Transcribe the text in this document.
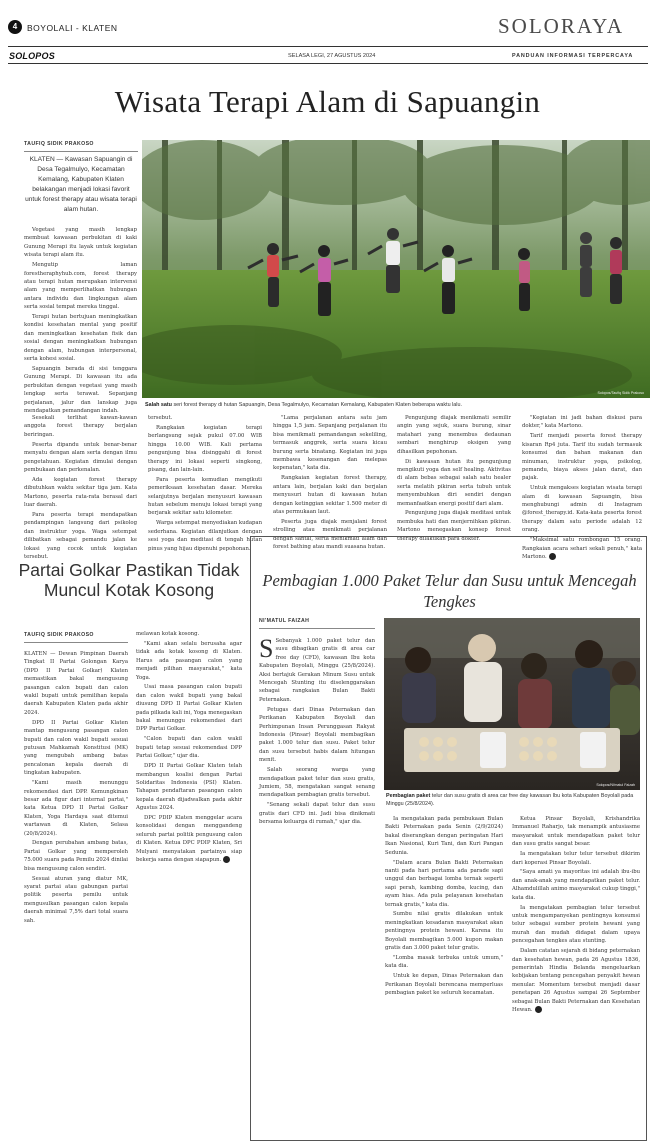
4	BOYOLALI - KLATEN	SOLORAYA
SOLOPOS	SELASA LEGI, 27 AGUSTUS 2024	PANDUAN INFORMASI TERPERCAYA
Wisata Terapi Alam di Sapuangin
TAUFIQ SIDIK PRAKOSO
KLATEN — Kawasan Sapuangin di Desa Tegalmulyo, Kecamatan Kemalang, Kabupaten Klaten belakangan menjadi lokasi favorit untuk forest therapy atau wisata terapi alam hutan.
Solopos/Taufiq Sidik Prakoso
Salah satu seri forest therapy di hutan Sapuangin, Desa Tegalmulyo, Kecamatan Kemalang, Kabupaten Klaten beberapa waktu lalu.

Vegetasi yang masih lengkap membuat kawasan perbukitan di kaki Gunung Merapi itu layak untuk kegiatan wisata terapi alam itu.

Mengutip laman forestheraphyhub.com, forest therapy atau terapi hutan merupakan intervensi alam yang memperlihatkan hubungan antara individu dan lingkungan alam serta sosial tempat mereka tinggal.

Terapi hutan bertujuan meningkatkan kondisi kesehatan mental yang positif dan meningkatkan kesehatan fisik dan sosial dengan meningkatkan hubungan dengan alam, hubungan interpersonal, serta kohesi sosial.

Sapuangin berada di sisi tenggara Gunung Merapi. Di kawasan itu ada perbukitan dengan vegetasi yang masih lengkap serta terawat. Sepanjang perjalanan, jalur dan lanskap juga mendapatkan pemandangan indah.

Sesekali terlihat kawan-kawan anggota forest therapy berjalan beriringan.

Peserta dipandu untuk benar-benar menyatu dengan alam serta dengan ilmu pengetahuan. Kegiatan dimulai dengan pembukaan dan perkenalan.

Ada kegiatan forest therapy dibutuhkan waktu sekitar tiga jam. Kata Martono, peserta rata-rata berasal dari luar daerah.

Para peserta terapi mendapatkan pendampingan langsung dari psikolog dan instruktur yoga. Waga setempat dilibatkan sebagai pemandu jalan ke lokasi yang cocok untuk kegiatan tersebut.

tersebut.

Rangkaian kegiatan terapi berlangsung sejak pukul 07.00 WIB hingga 10.00 WIB. Kali pertama pengunjung bisa disinggahi di forest therapy ini lokasi seperti singkong, pisang, dan lain-lain.

Para peserta kemudian mengikuti pemeriksaan kesehatan dasar. Mereka selanjutnya berjalan menyusuri kawasan hutan sebelum menuju lokasi terapi yang berjarak sekitar satu kilometer.

Warga setempat menyediakan kudapan sederhana. Kegiatan dilanjutkan dengan sesi yoga dan meditasi di tengah hutan pinus yang hijau dipenuhi pepohonan.

"Lama perjalanan antara satu jam hingga 1,5 jam. Sepanjang perjalanan itu bisa menikmati pemandangan sekeliling, termasuk anggrek, serta suara kicau burung serta binatang. Kegiatan ini juga membawa kesenangan dan melepas kepenatan," kata dia.

Rangkaian kegiatan forest therapy, antara lain, berjalan kaki dan berjalan menyusuri hutan di kawasan hutan dengan ketinggian sekitar 1.500 meter di atas permukaan laut.

Peserta juga diajak menjalani forest strolling atau menikmati perjalanan dengan santai, serta menikmati alam dan forest bathing atau mandi suasana hutan.

Pengunjung diajak menikmati semilir angin yang sejuk, suara burung, sinar matahari yang menembus dedaunan sembari menghirup oksigen yang dihasilkan pepohonan.

Di kawasan hutan itu pengunjung mengikuti yoga dan self healing. Aktivitas di alam bebas sebagai salah satu healer serta melatih pikiran serta tubuh untuk menyembuhkan diri sendiri dengan memanfaatkan energi positif dari alam.

Pengunjung juga diajak meditasi untuk membuka hati dan menjernihkan pikiran. Martono menegaskan konsep forest therapy dilakukan para dokter.

"Kegiatan ini jadi bahan diskusi para dokter," kata Martono.

Tarif menjadi peserta forest therapy kisaran Rp4 juta. Tarif itu sudah termasuk konsumsi dan bahan makanan dan minuman, instruktur yoga, psikolog, pemandu, biaya akses jalan darat, dan pajak.

Untuk mengakses kegiatan wisata terapi alam di kawasan Sapuangin, bisa menghubungi admin di Instagram @forest_therapy.id. Kata-kata peserta forest therapy dalam satu periode adalah 12 orang.

"Maksimal satu rombongan 15 orang. Rangkaian acara sehari sekali penuh," kata Martono.

Partai Golkar Pastikan Tidak Muncul Kotak Kosong
TAUFIQ SIDIK PRAKOSO

KLATEN — Dewan Pimpinan Daerah Tingkat II Partai Golongan Karya (DPD II Partai Golkar) Klaten memastikan bakal mengusung pasangan calon bupati dan calon wakil bupati untuk pemilihan kepala daerah Kabupaten Klaten pada akhir 2024.

DPD II Partai Golkar Klaten mantap mengusung pasangan calon bupati dan calon wakil bupati sesuai putusan Mahkamah Konstitusi (MK) yang mengubah ambang batas pencalonan kepala daerah di tingkatan kabupaten.

"Kami masih menunggu rekomendasi dari DPP. Kemungkinan besar ada figur dari internal partai," kata Ketua DPD II Partai Golkar Klaten, Yoga Hardaya saat ditemui wartawan di Klaten, Selasa (20/8/2024).

Dengan perubahan ambang batas, Partai Golkar yang memperoleh 75.000 suara pada Pemilu 2024 dinilai bisa mengusung calon sendiri.

Sesuai aturan yang diatur MK, syarat partai atau gabungan partai politik peserta pemilu untuk mengusulkan pasangan calon kepala daerah minimal 7,5% dari total suara sah.

melawan kotak kosong.

"Kami akan selalu berusaha agar tidak ada kotak kosong di Klaten. Harus ada pasangan calon yang menjadi pilihan masyarakat," kata Yoga.

Usai masa pasangan calon bupati dan calon wakil bupati yang bakal diusung DPD II Partai Golkar Klaten pada pilkada kali ini, Yoga menegaskan bakal menunggu rekomendasi dari DPP Partai Golkar.

"Calon bupati dan calon wakil bupati tetap sesuai rekomendasi DPP Partai Golkar," ujar dia.

DPD II Partai Golkar Klaten telah membangun koalisi dengan Partai Solidaritas Indonesia (PSI) Klaten. Tahapan pendaftaran pasangan calon kepala daerah dijadwalkan pada akhir Agustus 2024.

DPC PDIP Klaten menggelar acara konsolidasi dengan menggandeng seluruh partai politik pengusung calon di Klaten. Ketua DPC PDIP Klaten, Sri Mulyani menyatakan partainya siap bekerja sama dengan siapapun.

Pembagian 1.000 Paket Telur dan Susu untuk Mencegah Tengkes
NI'MATUL FAIZAH
Solopos/Ni'matul Faizah
Pembagian paket telur dan susu gratis di area car free day kawasan Ibu kota Kabupaten Boyolali pada Minggu (25/8/2024).

S Sebanyak 1.000 paket telur dan susu dibagikan gratis di area car free day (CFD), kawasan Ibu kota Kabupaten Boyolali, Minggu (25/8/2024). Aksi bertajuk Gerakan Minum Susu untuk Mencegah Stunting itu diselenggarakan sebagai rangkaian Bulan Bakti Peternakan.

Petugas dari Dinas Peternakan dan Perikanan Kabupaten Boyolali dan Perhimpunan Insan Perunggasan Rakyat Indonesia (Pinsar) Boyolali membagikan paket 1.000 telur dan susu. Paket telur dan susu tersebut habis dalam hitungan menit.

Salah seorang warga yang mendapatkan paket telur dan susu gratis, Jumiem, 58, mengatakan sangat senang mendapatkan pembagian gratis tersebut.

"Senang sekali dapat telur dan susu gratis dari CFD ini. Jadi bisa dinikmati bersama keluarga di rumah," ujar dia.

Ia mengatakan pada pembukaan Bulan Bakti Peternakan pada Senin (2/9/2024) bakal diserangkan dengan peringatan Hari Ikan Nasional, Kuri Tani, dan Kuri Pangan Sedunia.

"Dalam acara Bulan Bakti Peternakan nanti pada hari pertama ada parade sapi unggul dan berbagai lomba ternak seperti sapi perah, kambing domba, kucing, dan ayam hias. Ada pula pelayanan kesehatan ternak gratis," kata dia.

Sumbu nilai gratis dilakukan untuk meningkatkan kesadaran masyarakat akan pentingnya protein hewani. Karena itu Boyolali membagikan 5.000 kupon makan gratis dan 3.000 paket telur gratis.

"Lomba masak terbuka untuk umum," kata dia.

Untuk ke depan, Dinas Peternakan dan Perikanan Boyolali berencana memperluas pembagian paket ke seluruh kecamatan.

Ketua Pinsar Boyolali, Krishandrika Immanuel Raharjo, tak menampik antusiasme masyarakat untuk mendapatkan paket telur dan susu gratis sangat besar.

Ia mengatakan telur telur tersebut dikirim dari koperasi Pinsar Boyolali.

"Saya amati ya mayoritas ini adalah ibu-ibu dan anak-anak yang mendapatkan paket telur. Alhamdulillah animo masyarakat cukup tinggi," kata dia.

Ia mengatakan pembagian telur tersebut untuk mengampanyekan pentingnya konsumsi telur sebagai sumber protein hewani yang murah dan mudah didapat dalam upaya pencegahan tengkes atau stunting.

Dalam catatan sejarah di bidang peternakan dan kesehatan hewan, pada 26 Agustus 1836, pemerintah Hindia Belanda mengeluarkan kebijakan tentang pencegahan penyakit hewan menular. Momentum tersebut menjadi dasar penetapan 26 Agustus sampai 26 September sebagai Bulan Bakti Peternakan dan Kesehatan Hewan.
